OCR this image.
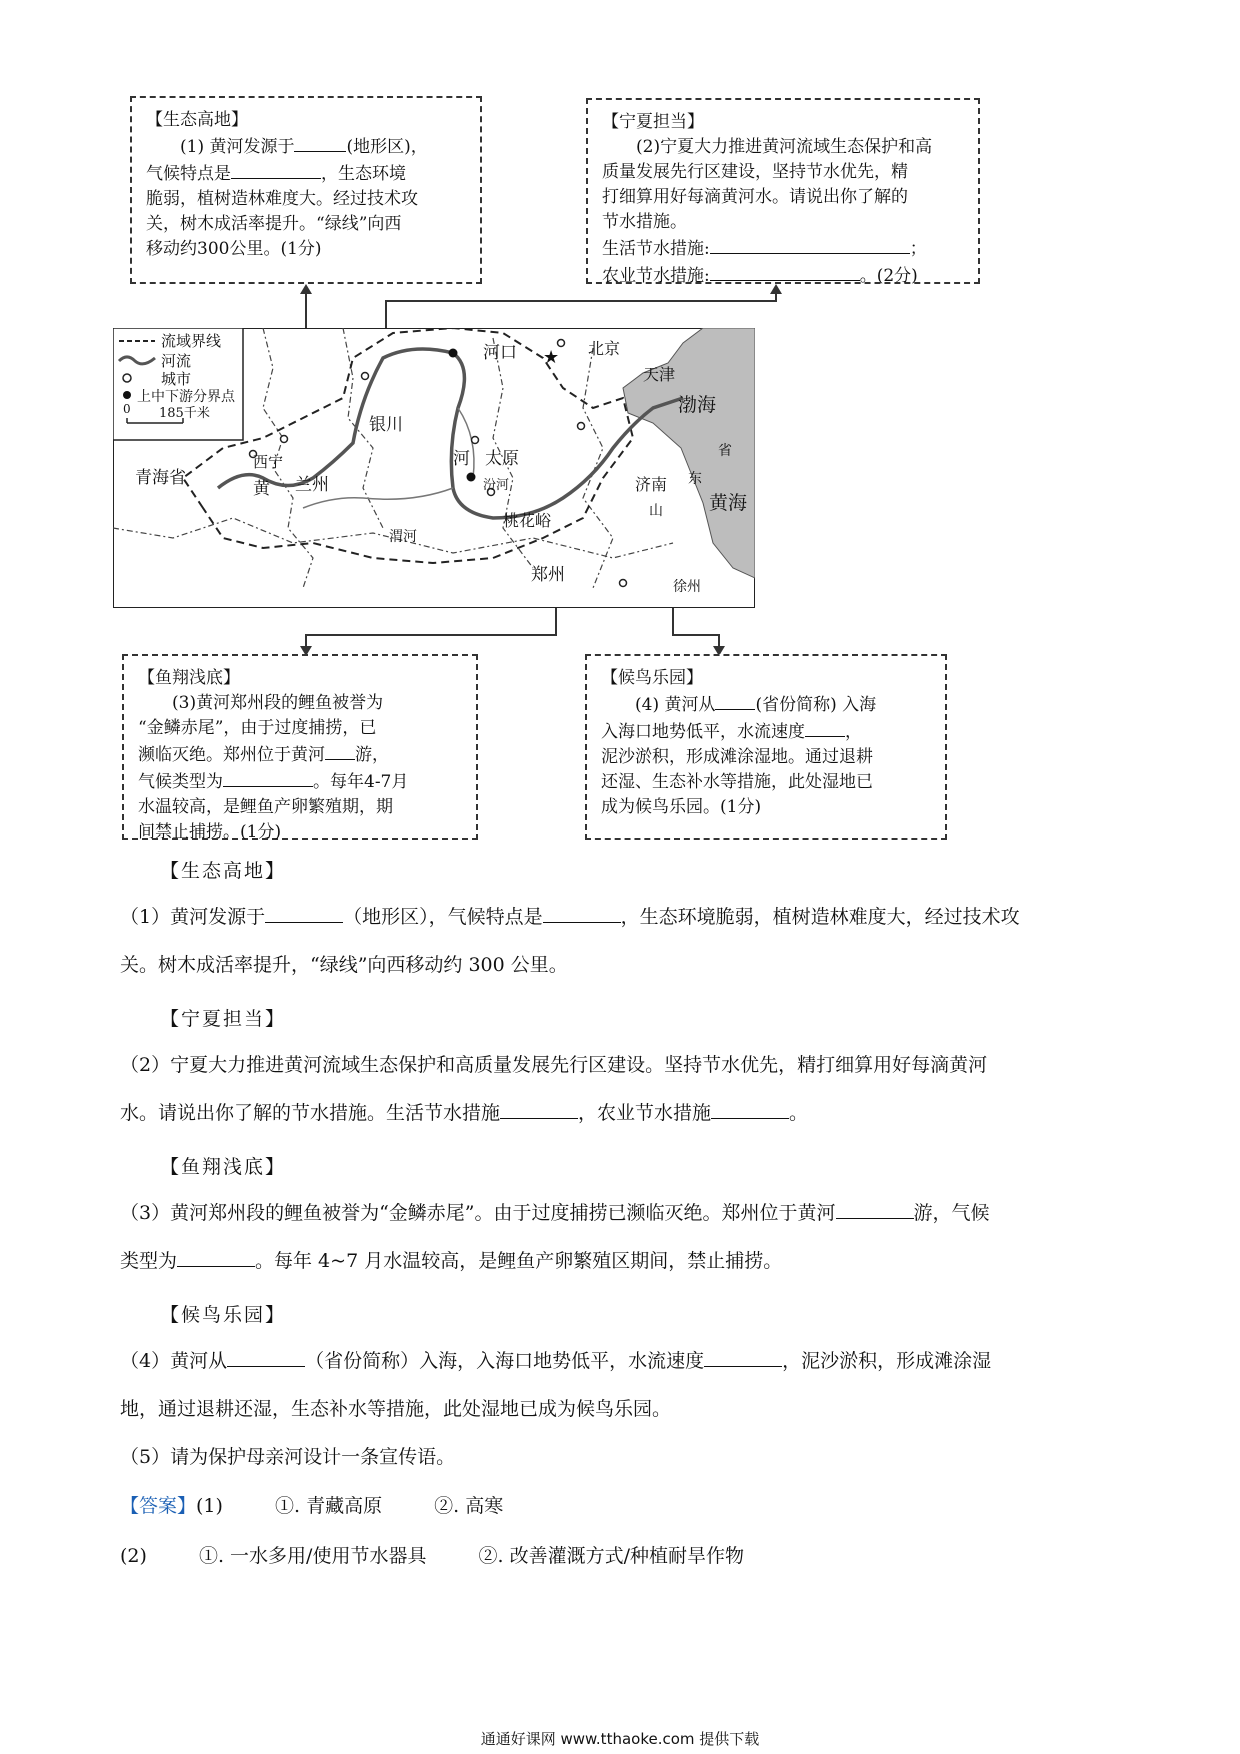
【生态高地】
(1) 黄河发源于	(地形区)，
气候特点是	，生态环境
脆弱，植树造林难度大。经过技术攻
关，树木成活率提升。“绿线”向西
移动约300公里。(1分)
【宁夏担当】
(2)宁夏大力推进黄河流域生态保护和高
质量发展先行区建设，坚持节水优先，精
打细算用好每滴黄河水。请说出你了解的
节水措施。
生活节水措施:	；
农业节水措施:	。(2分)
★
流域界线
河流
城市
上中下游分界点
0 185千米
青海省
西宁
黄 兰州
银川
河口
河 太原
汾河
渭河
桃花峪
郑州
北京
天津
渤海
济南
山
东
省
黄海
徐州
【鱼翔浅底】
(3)黄河郑州段的鲤鱼被誉为
“金鳞赤尾”，由于过度捕捞，已
濒临灭绝。郑州位于黄河 游，
气候类型为	。每年4-7月
水温较高，是鲤鱼产卵繁殖期，期
间禁止捕捞。(1分)
【候鸟乐园】
(4) 黄河从 (省份简称) 入海
入海口地势低平，水流速度 ，
泥沙淤积，形成滩涂湿地。通过退耕
还湿、生态补水等措施，此处湿地已
成为候鸟乐园。(1分)
【生态高地】
（1）黄河发源于	（地形区），气候特点是	，生态环境脆弱，植树造林难度大，经过技术攻
关。树木成活率提升，“绿线”向西移动约 300 公里。
【宁夏担当】
（2）宁夏大力推进黄河流域生态保护和高质量发展先行区建设。坚持节水优先，精打细算用好每滴黄河
水。请说出你了解的节水措施。生活节水措施	，农业节水措施	。
【鱼翔浅底】
（3）黄河郑州段的鲤鱼被誉为“金鳞赤尾”。由于过度捕捞已濒临灭绝。郑州位于黄河	游，气候
类型为	。每年 4~7 月水温较高，是鲤鱼产卵繁殖区期间，禁止捕捞。
【候鸟乐园】
（4）黄河从	（省份简称）入海，入海口地势低平，水流速度	，泥沙淤积，形成滩涂湿
地，通过退耕还湿，生态补水等措施，此处湿地已成为候鸟乐园。
（5）请为保护母亲河设计一条宣传语。
【答案】(1)	①. 青藏高原	②. 高寒
(2)	①. 一水多用/使用节水器具	②. 改善灌溉方式/种植耐旱作物
通通好课网 www.tthaoke.com 提供下载
